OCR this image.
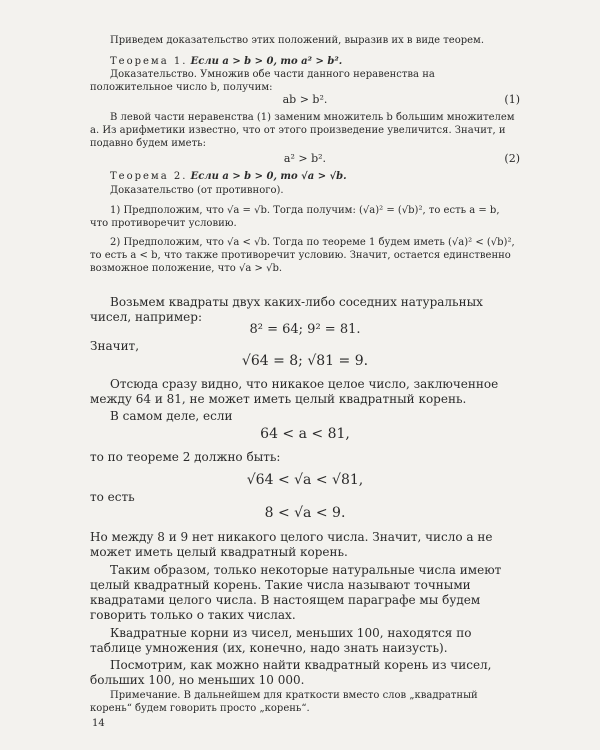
Приведем доказательство этих положений, выразив их в виде теорем.

Теорема 1. Если a > b > 0, то a² > b².

Доказательство. Умножив обе части данного неравенства на положительное число b, получим:

ab > b².	(1)

В левой части неравенства (1) заменим множитель b большим множителем a. Из арифметики известно, что от этого произведение увеличится. Значит, и подавно будем иметь:

a² > b².	(2)

Теорема 2. Если a > b > 0, то √a > √b.

Доказательство (от противного).

1) Предположим, что √a = √b. Тогда получим: (√a)² = (√b)², то есть a = b, что противоречит условию.

2) Предположим, что √a < √b. Тогда по теореме 1 будем иметь (√a)² < (√b)², то есть a < b, что также противоречит условию. Значит, остается единственно возможное положение, что √a > √b.

Возьмем квадраты двух каких-либо соседних натуральных чисел, например:

8² = 64; 9² = 81.

Значит,

√64 = 8; √81 = 9.

Отсюда сразу видно, что никакое целое число, заключенное между 64 и 81, не может иметь целый квадратный корень.

В самом деле, если

64 < a < 81,

то по теореме 2 должно быть:

√64 < √a < √81,

то есть

8 < √a < 9.

Но между 8 и 9 нет никакого целого числа. Значит, число a не может иметь целый квадратный корень.

Таким образом, только некоторые натуральные числа имеют целый квадратный корень. Такие числа называют точными квадратами целого числа. В настоящем параграфе мы будем говорить только о таких числах.

Квадратные корни из чисел, меньших 100, находятся по таблице умножения (их, конечно, надо знать наизусть).

Посмотрим, как можно найти квадратный корень из чисел, больших 100, но меньших 10 000.

Примечание. В дальнейшем для краткости вместо слов „квадратный корень“ будем говорить просто „корень“.

14
